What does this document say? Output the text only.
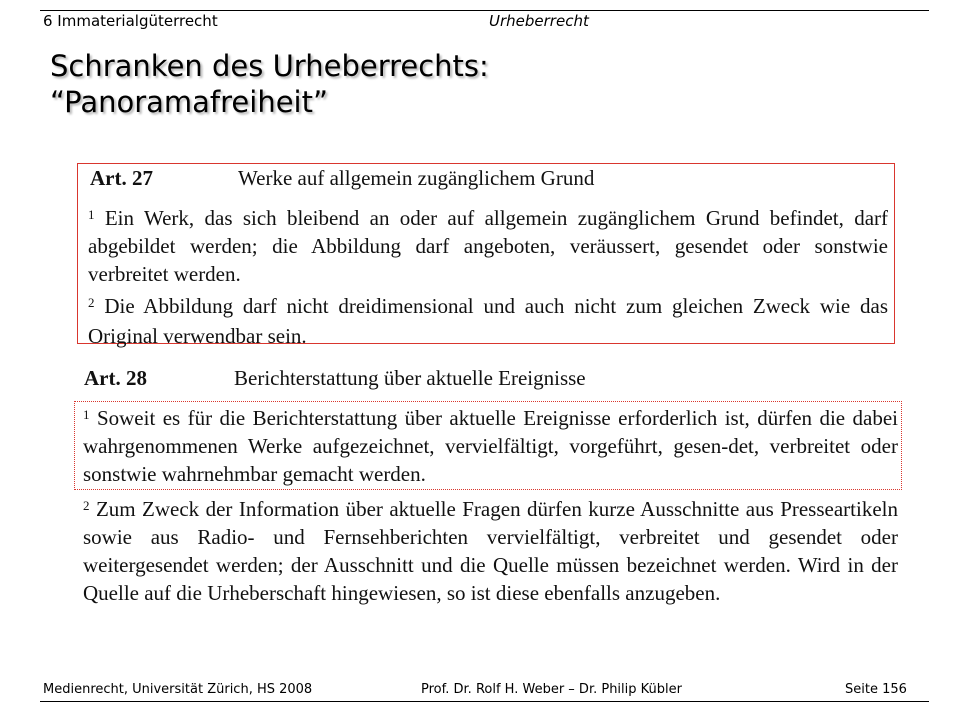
6 Immaterialgüterrecht	Urheberrecht
Schranken des Urheberrechts:
“Panoramafreiheit”
Art. 27	Werke auf allgemein zugänglichem Grund
$^1$ Ein Werk, das sich bleibend an oder auf allgemein zugänglichem Grund befindet, darf abgebildet werden; die Abbildung darf angeboten, veräussert, gesendet oder sonstwie verbreitet werden.
$^2$ Die Abbildung darf nicht dreidimensional und auch nicht zum gleichen Zweck wie das Original verwendbar sein.
Art. 28	Berichterstattung über aktuelle Ereignisse
$^1$ Soweit es für die Berichterstattung über aktuelle Ereignisse erforderlich ist, dürfen die dabei wahrgenommenen Werke aufgezeichnet, vervielfältigt, vorgeführt, gesen-det, verbreitet oder sonstwie wahrnehmbar gemacht werden.
$^2$ Zum Zweck der Information über aktuelle Fragen dürfen kurze Ausschnitte aus Presseartikeln sowie aus Radio- und Fernsehberichten vervielfältigt, verbreitet und gesendet oder weitergesendet werden; der Ausschnitt und die Quelle müssen bezeichnet werden. Wird in der Quelle auf die Urheberschaft hingewiesen, so ist diese ebenfalls anzugeben.
Medienrecht, Universität Zürich, HS 2008	Prof. Dr. Rolf H. Weber – Dr. Philip Kübler	Seite 156
